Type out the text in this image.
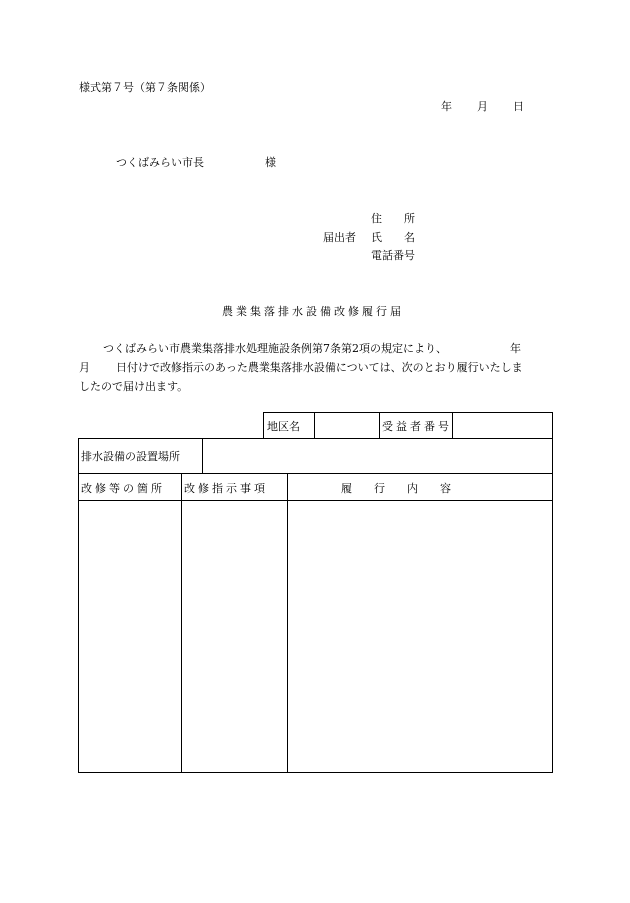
様式第７号（第７条関係）
年 月 日
つくばみらい市長	様
住　　所
届出者 氏　　名
電話番号
農業集落排水設備改修履行届
つくばみらい市農業集落排水処理施設条例第7条第2項の規定により、	年
月 日付けで改修指示のあった農業集落排水設備については、次のとおり履行いたしま
したので届け出ます。
地区名	受益者番号
排水設備の設置場所
改修等の箇所 改修指示事項	履　　行　　内　　容
